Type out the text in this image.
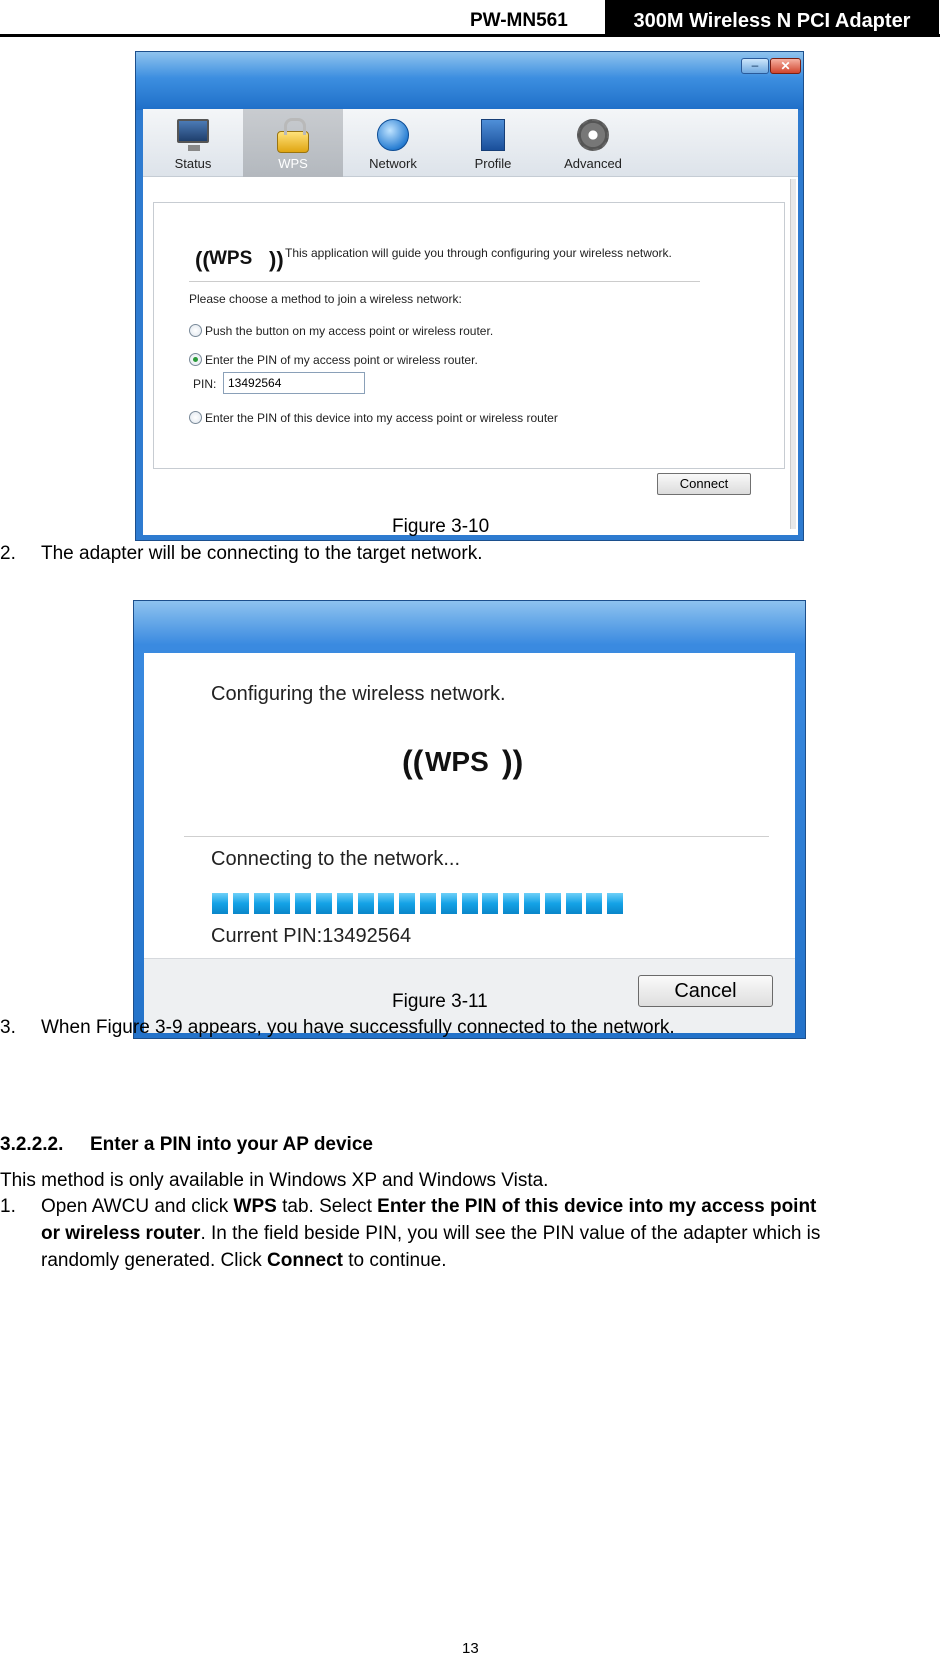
PW-MN561	300M Wireless N PCI Adapter
–	✕
Status	WPS	Network	Profile	Advanced
(( WPS )) This application will guide you through configuring your wireless network.
Please choose a method to join a wireless network:
Push the button on my access point or wireless router.
Enter the PIN of my access point or wireless router.
PIN: 13492564
Enter the PIN of this device into my access point or wireless router
Connect
Figure 3-10
2. The adapter will be connecting to the target network.
Configuring the wireless network.
(( WPS ))
Connecting to the network...
Current PIN:13492564
Cancel
Figure 3-11
3. When Figure 3-9 appears, you have successfully connected to the network.
3.2.2.2. Enter a PIN into your AP device
This method is only available in Windows XP and Windows Vista.
1. Open AWCU and click WPS tab. Select Enter the PIN of this device into my access point
or wireless router. In the field beside PIN, you will see the PIN value of the adapter which is
randomly generated. Click Connect to continue.
13
